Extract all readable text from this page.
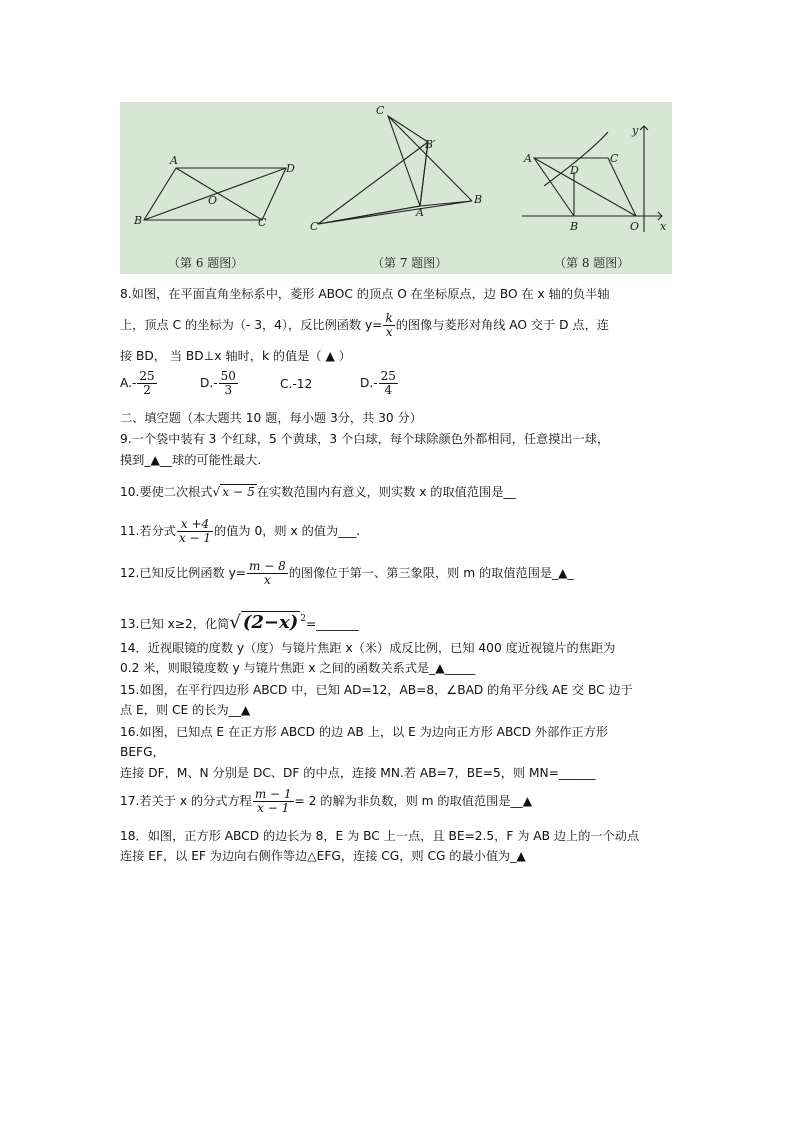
A
D
B	C
O
C
B′
C′
A
B
A
D
C
B	O x
y
（第 6 题图）	（第 7 题图）	（第 8 题图）
8.如图，在平面直角坐标系中，菱形 ABOC 的顶点 O 在坐标原点，边 BO 在 x 轴的负半轴
上，顶点 C 的坐标为（- 3，4），反比例函数 $y= \frac{k}{x}$ 的图像与菱形对角线 AO 交于 D 点，连
接 BD， 当 BD⊥x 轴时，k 的值是（ ▲ ）
$A.- \frac{25}{2}$	$D.- \frac{50}{3}$	C.-12	$D.- \frac{25}{4}$
二、填空题（本大题共 10 题，每小题 3分，共 30 分）
9.一个袋中装有 3 个红球，5 个黄球，3 个白球，每个球除颜色外都相同，任意摸出一球，
摸到_▲__球的可能性最大.
10.要使二次根式√ x − 5 在实数范围内有意义，则实数 x 的取值范围是__
11.若分式 $\frac{x +4}{x - 1}$ 的值为 0，则 x 的值为___.
12.已知反比例函数 $y= \frac{m - 8}{x}$ 的图像位于第一、第三象限，则 m 的取值范围是_▲_
13.已知 x≥2，化简√ (2−x) $^2$=_______
14．近视眼镜的度数 y（度）与镜片焦距 x（米）成反比例，已知 400 度近视镜片的焦距为
0.2 米，则眼镜度数 y 与镜片焦距 x 之间的函数关系式是_▲_____
15.如图，在平行四边形 ABCD 中，已知 AD=12，AB=8，∠BAD 的角平分线 AE 交 BC 边于
点 E，则 CE 的长为__▲
16.如图，已知点 E 在正方形 ABCD 的边 AB 上，以 E 为边向正方形 ABCD 外部作正方形
BEFG，
连接 DF，M、N 分别是 DC、DF 的中点，连接 MN.若 AB=7，BE=5，则 MN=______
17.若关于 x 的分式方程 $\frac{m - 1}{x - 1} = 2$ 的解为非负数，则 m 的取值范围是__▲
18．如图，正方形 ABCD 的边长为 8，E 为 BC 上一点，且 BE=2.5，F 为 AB 边上的一个动点
连接 EF，以 EF 为边向右侧作等边△EFG，连接 CG，则 CG 的最小值为_▲
